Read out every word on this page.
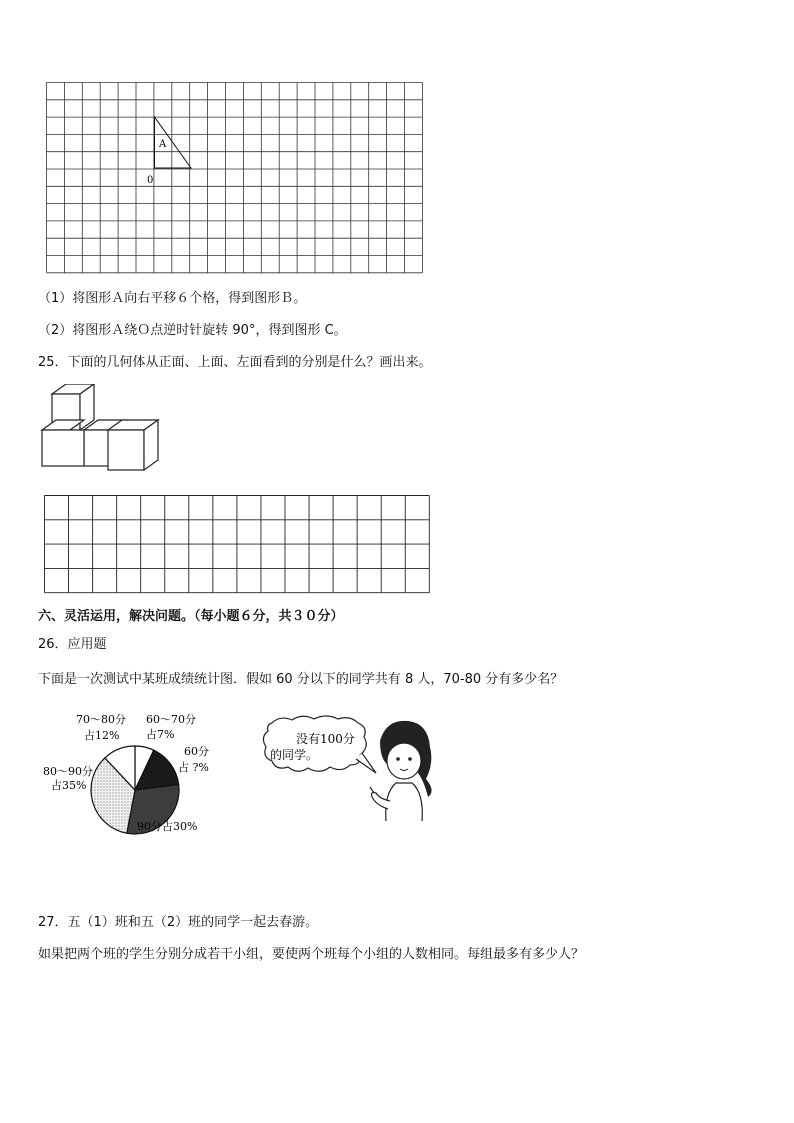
A
0
（1）将图形Ａ向右平移６个格，得到图形Ｂ。
（2）将图形Ａ绕Ｏ点逆时针旋转 90°，得到图形 C。
25．下面的几何体从正面、上面、左面看到的分别是什么？画出来。
六、灵活运用，解决问题。（每小题６分，共３０分）
26．应用题
下面是一次测试中某班成绩统计图．假如 60 分以下的同学共有 8 人，70-80 分有多少名？
70～80分
占12%
60～70分
占7%
60分
占 ?%
80～90分
占35%
90分占30%
没有100分
的同学。
27．五（1）班和五（2）班的同学一起去春游。
如果把两个班的学生分别分成若干小组，要使两个班每个小组的人数相同。每组最多有多少人？
